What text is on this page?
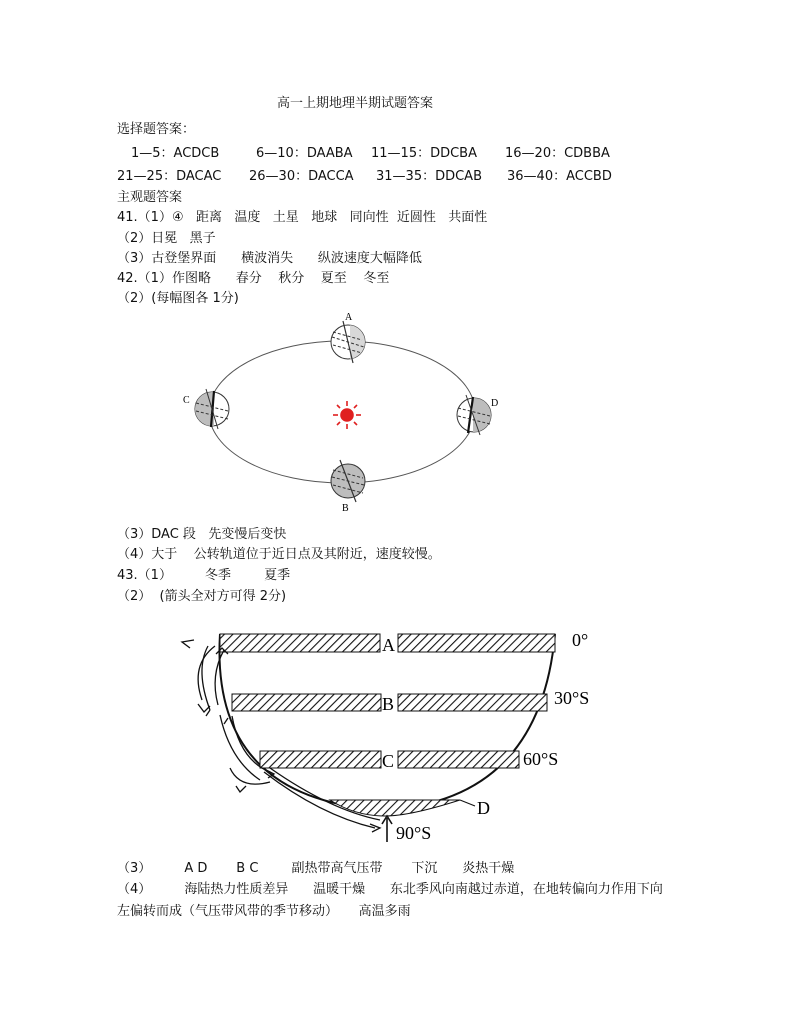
高一上期地理半期试题答案
选择题答案：
1—5：ACDCB	6—10：DAABA 11—15：DDCBA 16—20：CDBBA
21—25：DACAC 26—30：DACCA 31—35：DDCAB 36—40：ACCBD
主观题答案
41.（1）④   距离   温度   土星   地球   同向性  近圆性   共面性
（2）日冕   黑子
（3）古登堡界面      横波消失      纵波速度大幅降低
42.（1）作图略      春分    秋分    夏至    冬至
（2）(每幅图各 1分)
A
B
C	D
（3）DAC 段   先变慢后变快
（4）大于    公转轨道位于近日点及其附近，速度较慢。
43.（1）        冬季        夏季
（2）  (箭头全对方可得 2分)
A
B
C
D
0°
30°S
60°S
90°S
（3）        A D       B C        副热带高气压带       下沉      炎热干燥
（4）        海陆热力性质差异      温暖干燥      东北季风向南越过赤道，在地转偏向力作用下向
左偏转而成（气压带风带的季节移动）     高温多雨
